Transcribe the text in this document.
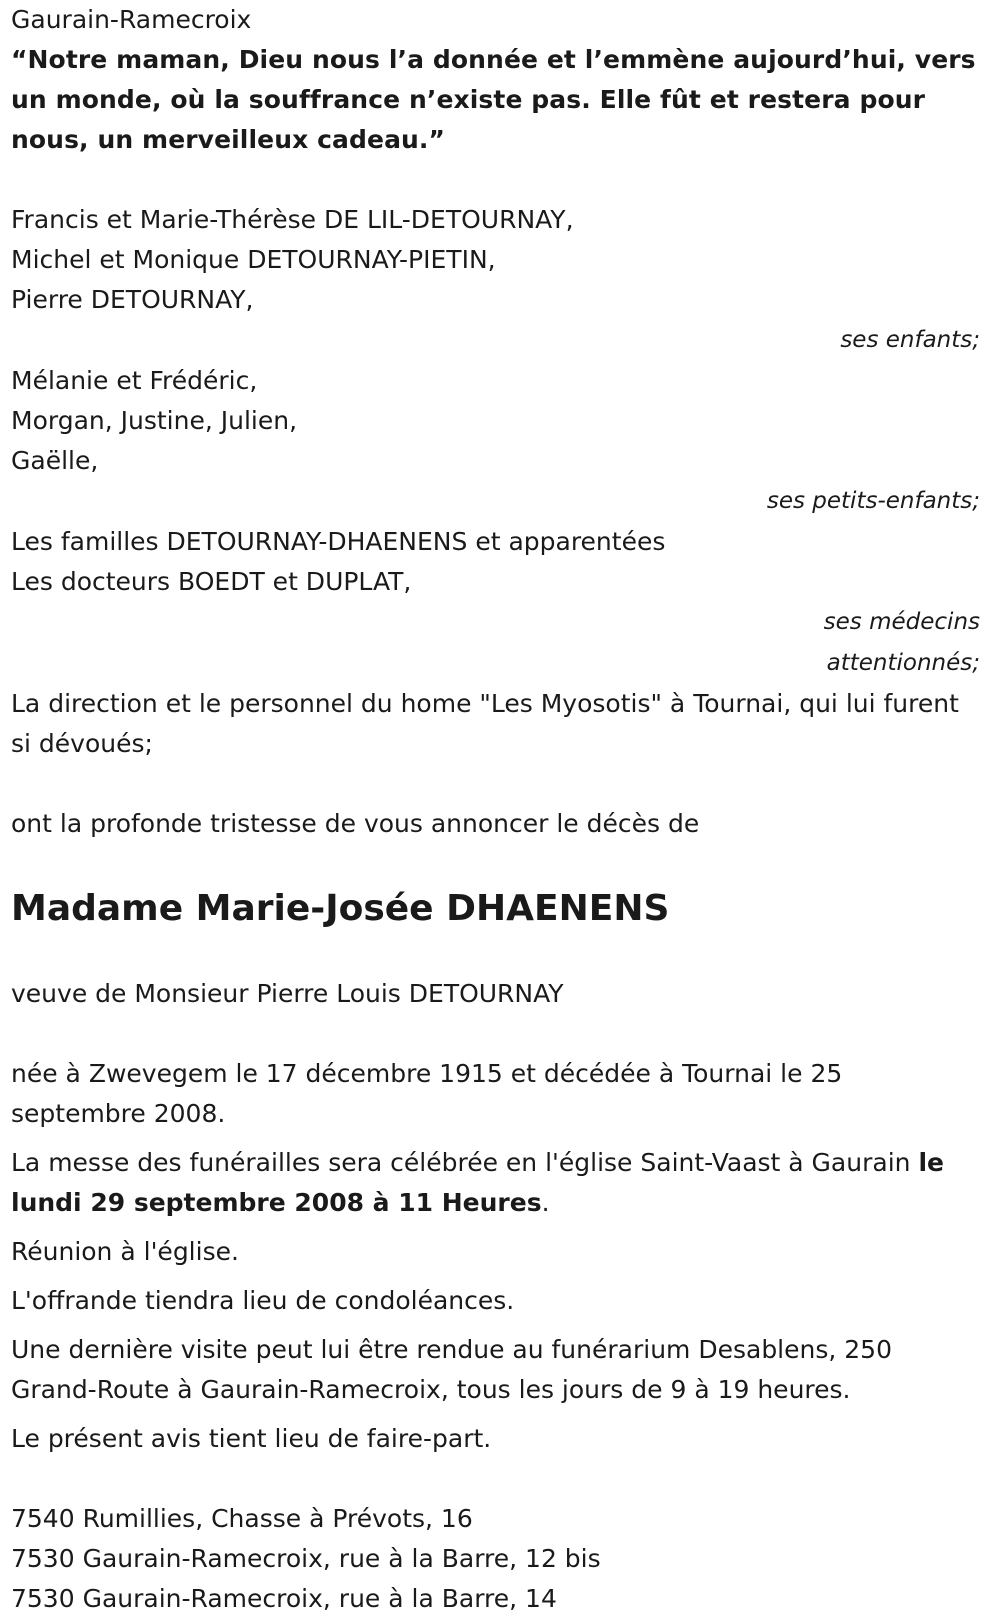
Gaurain-Ramecroix
“Notre maman, Dieu nous l’a donnée et l’emmène aujourd’hui, vers un monde, où la souffrance n’existe pas. Elle fût et restera pour nous, un merveilleux cadeau.”
Francis et Marie-Thérèse DE LIL-DETOURNAY,
Michel et Monique DETOURNAY-PIETIN,
Pierre DETOURNAY,
ses enfants;
Mélanie et Frédéric,
Morgan, Justine, Julien,
Gaëlle,
ses petits-enfants;
Les familles DETOURNAY-DHAENENS et apparentées
Les docteurs BOEDT et DUPLAT,
ses médecins
attentionnés;
La direction et le personnel du home "Les Myosotis" à Tournai, qui lui furent si dévoués;
ont la profonde tristesse de vous annoncer le décès de
Madame Marie-Josée DHAENENS
veuve de Monsieur Pierre Louis DETOURNAY
née à Zwevegem le 17 décembre 1915 et décédée à Tournai le 25 septembre 2008.
La messe des funérailles sera célébrée en l'église Saint-Vaast à Gaurain le lundi 29 septembre 2008 à 11 Heures.
Réunion à l'église.
L'offrande tiendra lieu de condoléances.
Une dernière visite peut lui être rendue au funérarium Desablens, 250 Grand-Route à Gaurain-Ramecroix, tous les jours de 9 à 19 heures.
Le présent avis tient lieu de faire-part.
7540 Rumillies, Chasse à Prévots, 16
7530 Gaurain-Ramecroix, rue à la Barre, 12 bis
7530 Gaurain-Ramecroix, rue à la Barre, 14
